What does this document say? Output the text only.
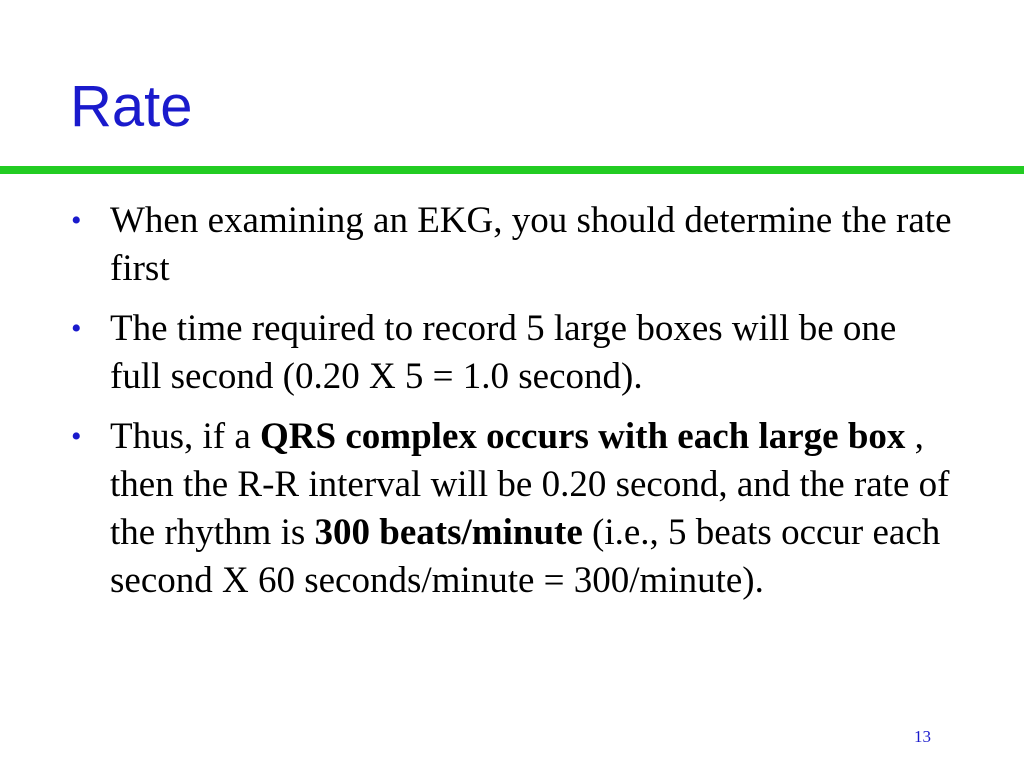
Rate
• When examining an EKG, you should determine the rate first
• The time required to record 5 large boxes will be one full second (0.20 X 5 = 1.0 second).
• Thus, if a QRS complex occurs with each large box , then the R-R interval will be 0.20 second, and the rate of the rhythm is 300 beats/minute (i.e., 5 beats occur each second X 60 seconds/minute = 300/minute).
13
